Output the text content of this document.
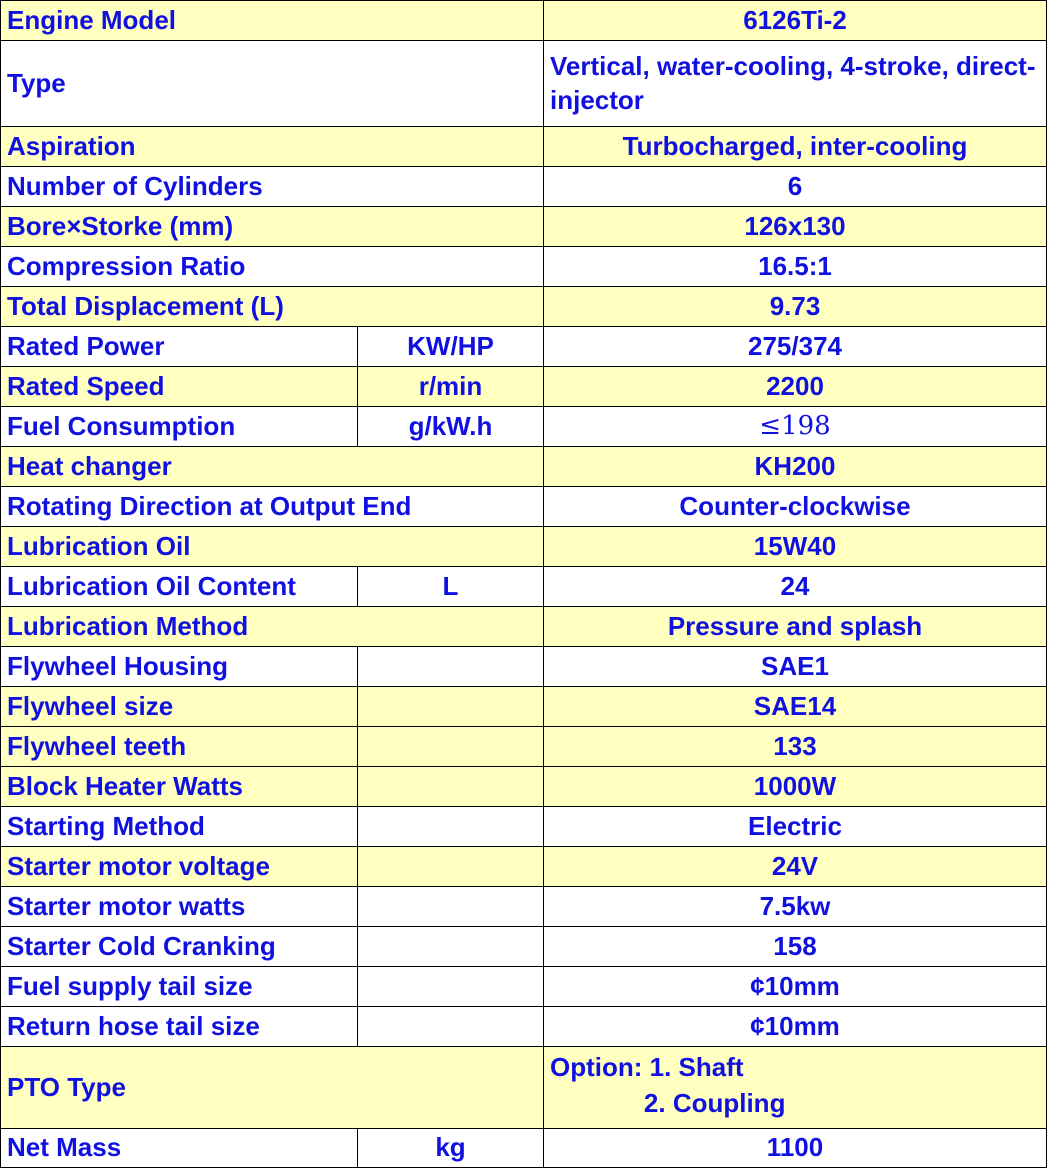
Engine Model		6126Ti-2
Type		Vertical, water-cooling, 4-stroke, direct-injector
Aspiration		Turbocharged, inter-cooling
Number of Cylinders		6
Bore×Storke (mm)		126x130
Compression Ratio		16.5:1
Total Displacement (L)		9.73
Rated Power	KW/HP	275/374
Rated Speed	r/min	2200
Fuel Consumption	g/kW.h	≤198
Heat changer		KH200
Rotating Direction at Output End		Counter-clockwise
Lubrication Oil		15W40
Lubrication Oil Content	L	24
Lubrication Method		Pressure and splash
Flywheel Housing		SAE1
Flywheel size		SAE14
Flywheel teeth		133
Block Heater Watts		1000W
Starting Method		Electric
Starter motor voltage		24V
Starter motor watts		7.5kw
Starter Cold Cranking		158
Fuel supply tail size		¢10mm
Return hose tail size		¢10mm
PTO Type		Option: 1. Shaft
2. Coupling
Net Mass	kg	1100
